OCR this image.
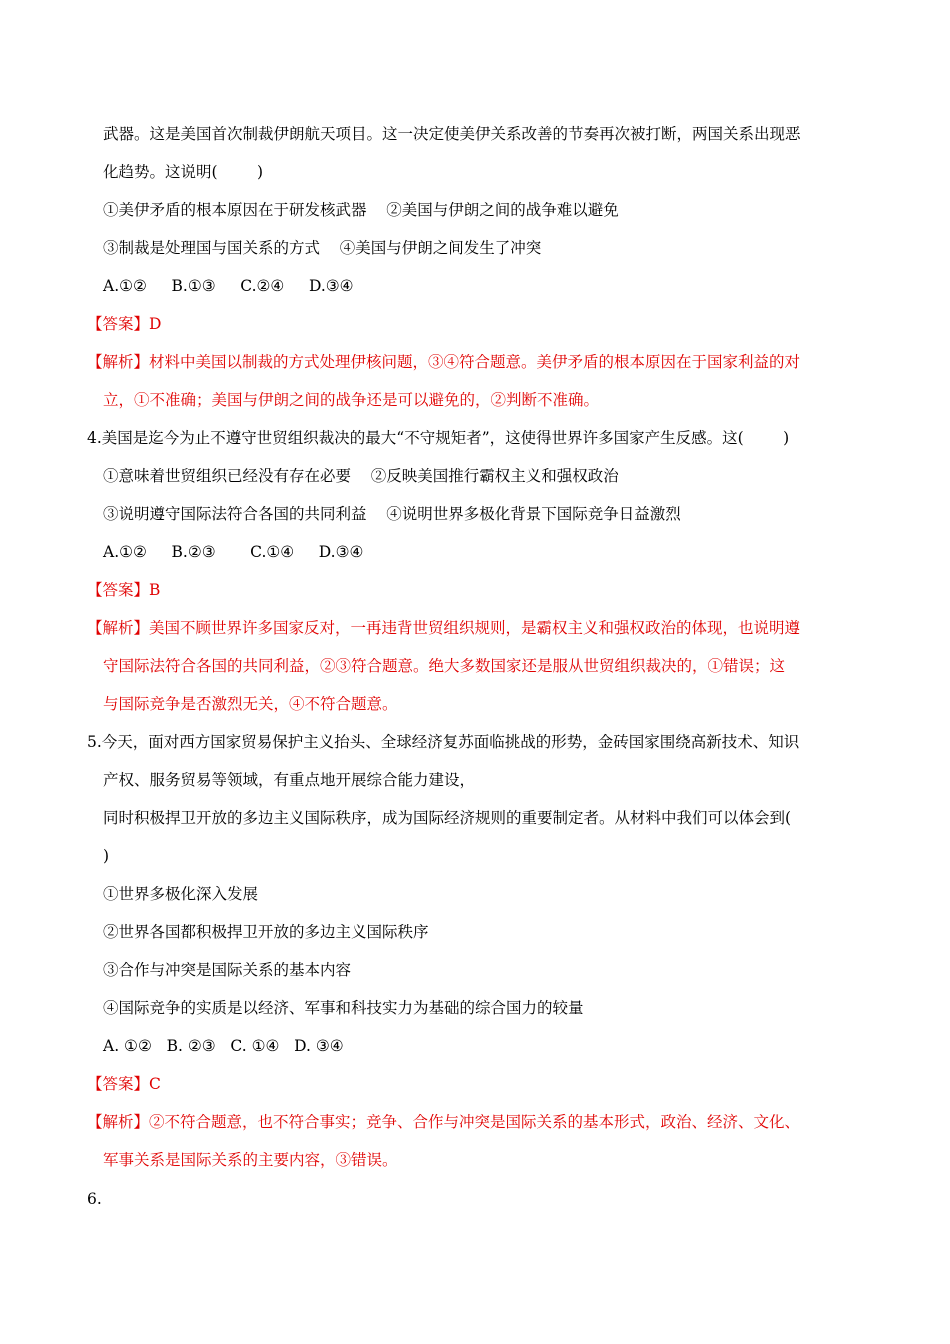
武器。这是美国首次制裁伊朗航天项目。这一决定使美伊关系改善的节奏再次被打断，两国关系出现恶
化趋势。这说明(        )
①美伊矛盾的根本原因在于研发核武器    ②美国与伊朗之间的战争难以避免
③制裁是处理国与国关系的方式    ④美国与伊朗之间发生了冲突
A.①②     B.①③     C.②④     D.③④
【答案】D
【解析】材料中美国以制裁的方式处理伊核问题，③④符合题意。美伊矛盾的根本原因在于国家利益的对
立，①不准确；美国与伊朗之间的战争还是可以避免的，②判断不准确。
4.美国是迄今为止不遵守世贸组织裁决的最大“不守规矩者”，这使得世界许多国家产生反感。这(        )
①意味着世贸组织已经没有存在必要    ②反映美国推行霸权主义和强权政治
③说明遵守国际法符合各国的共同利益    ④说明世界多极化背景下国际竞争日益激烈
A.①②     B.②③       C.①④     D.③④
【答案】B
【解析】美国不顾世界许多国家反对，一再违背世贸组织规则，是霸权主义和强权政治的体现，也说明遵
守国际法符合各国的共同利益，②③符合题意。绝大多数国家还是服从世贸组织裁决的，①错误；这
与国际竞争是否激烈无关，④不符合题意。
5.今天，面对西方国家贸易保护主义抬头、全球经济复苏面临挑战的形势，金砖国家围绕高新技术、知识
产权、服务贸易等领域，有重点地开展综合能力建设，
同时积极捍卫开放的多边主义国际秩序，成为国际经济规则的重要制定者。从材料中我们可以体会到(
)
①世界多极化深入发展
②世界各国都积极捍卫开放的多边主义国际秩序
③合作与冲突是国际关系的基本内容
④国际竞争的实质是以经济、军事和科技实力为基础的综合国力的较量
A. ①②   B. ②③   C. ①④   D. ③④
【答案】C
【解析】②不符合题意，也不符合事实；竞争、合作与冲突是国际关系的基本形式，政治、经济、文化、
军事关系是国际关系的主要内容，③错误。
6.
